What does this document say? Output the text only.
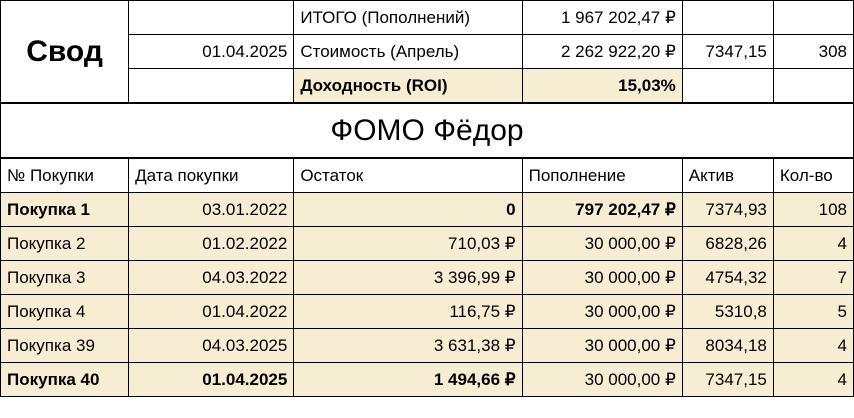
Свод		ИТОГО (Пополнений)	1 967 202,47 ₽		
	01.04.2025	Стоимость (Апрель)	2 262 922,20 ₽	7347,15	308
		Доходность (ROI)	15,03%		
ФОМО Фёдор
№ Покупки	Дата покупки	Остаток	Пополнение	Актив	Кол-во
Покупка 1	03.01.2022	0	797 202,47 ₽	7374,93	108
Покупка 2	01.02.2022	710,03 ₽	30 000,00 ₽	6828,26	4
Покупка 3	04.03.2022	3 396,99 ₽	30 000,00 ₽	4754,32	7
Покупка 4	01.04.2022	116,75 ₽	30 000,00 ₽	5310,8	5
Покупка 39	04.03.2025	3 631,38 ₽	30 000,00 ₽	8034,18	4
Покупка 40	01.04.2025	1 494,66 ₽	30 000,00 ₽	7347,15	4
